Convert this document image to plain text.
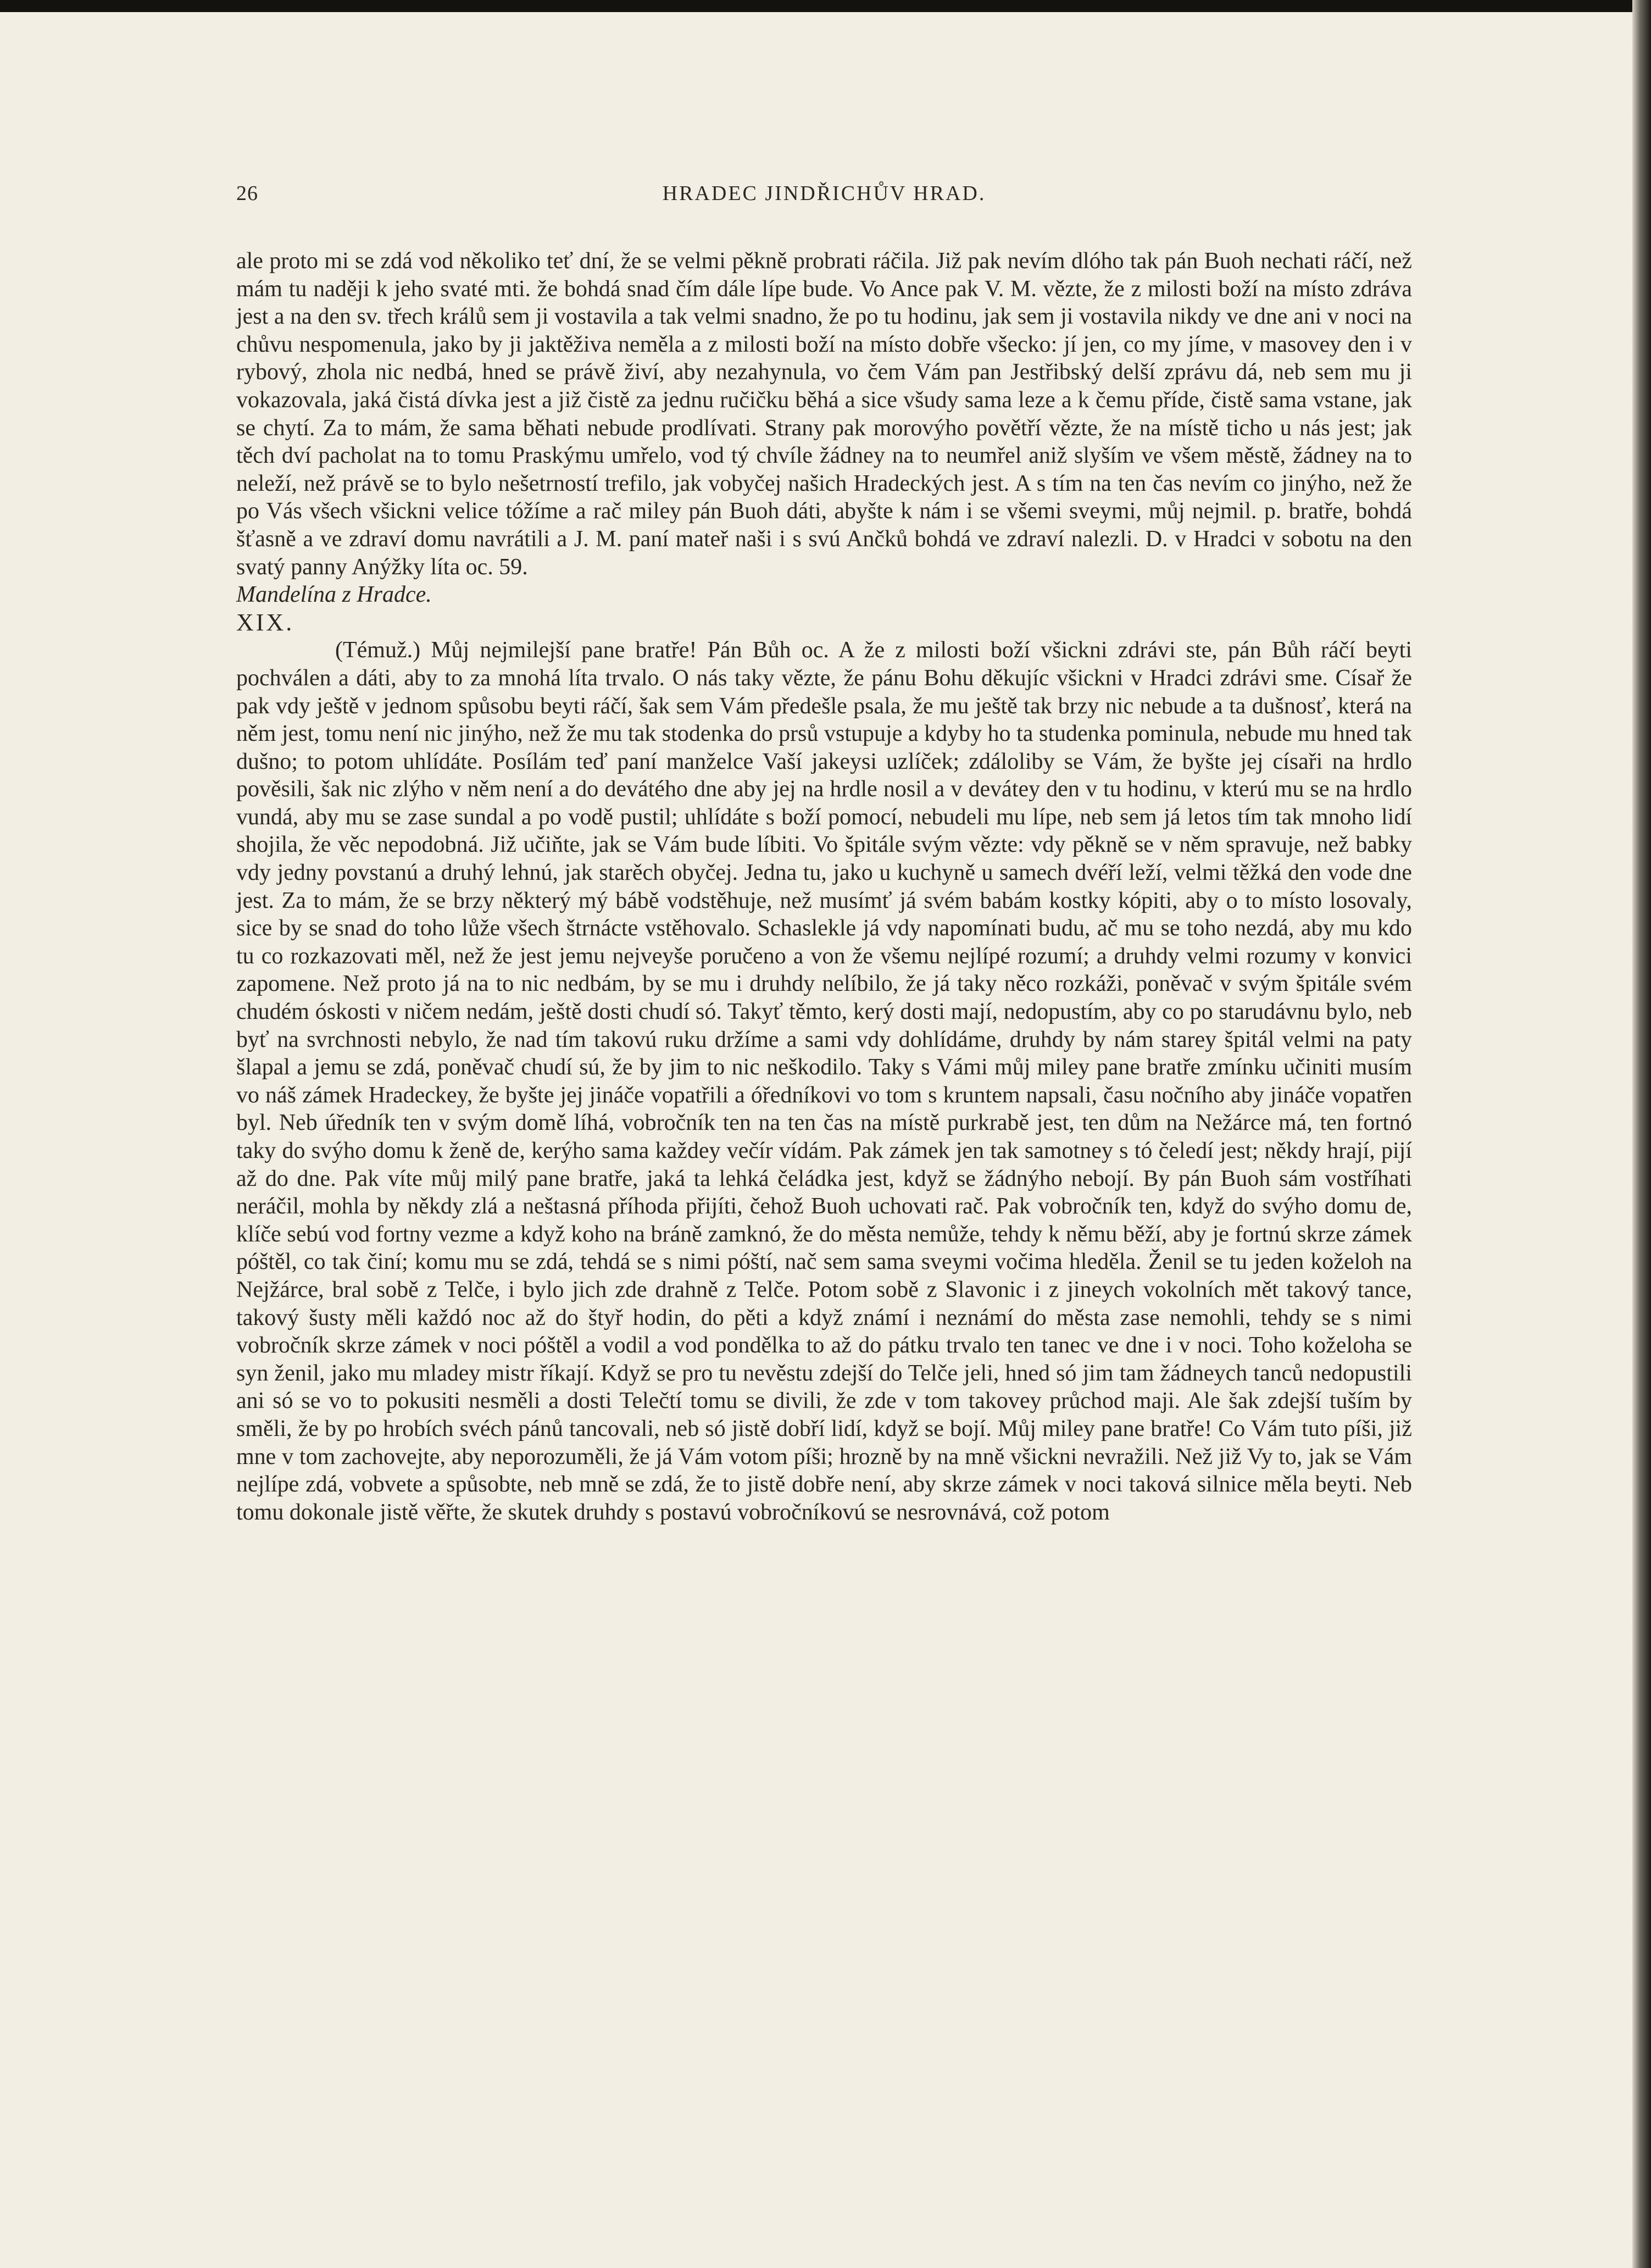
26	HRADEC JINDŘICHŮV HRAD.

ale proto mi se zdá vod několiko teť dní, že se velmi pěkně probrati ráčila. Již pak nevím dlóho tak pán Buoh nechati ráčí, než mám tu naději k jeho svaté mti. že bohdá snad čím dále lípe bude. Vo Ance pak V. M. vězte, že z milosti boží na místo zdráva jest a na den sv. třech králů sem ji vostavila a tak velmi snadno, že po tu hodinu, jak sem ji vostavila nikdy ve dne ani v noci na chůvu nespomenula, jako by ji jaktěživa neměla a z milosti boží na místo dobře všecko: jí jen, co my jíme, v masovey den i v rybový, zhola nic nedbá, hned se právě živí, aby nezahynula, vo čem Vám pan Jestřibský delší zprávu dá, neb sem mu ji vokazovala, jaká čistá dívka jest a již čistě za jednu ručičku běhá a sice všudy sama leze a k čemu příde, čistě sama vstane, jak se chytí. Za to mám, že sama běhati nebude prodlívati. Strany pak morovýho povětří vězte, že na místě ticho u nás jest; jak těch dví pacholat na to tomu Praskýmu umřelo, vod tý chvíle žádney na to neumřel aniž slyším ve všem městě, žádney na to neleží, než právě se to bylo nešetrností trefilo, jak vobyčej našich Hradeckých jest. A s tím na ten čas nevím co jinýho, než že po Vás všech všickni velice tóžíme a rač miley pán Buoh dáti, abyšte k nám i se všemi sveymi, můj nejmil. p. bratře, bohdá šťasně a ve zdraví domu navrátili a J. M. paní mateř naši i s svú Ančků bohdá ve zdraví nalezli. D. v Hradci v sobotu na den svatý panny Anýžky líta oc. 59.

Mandelína z Hradce.

XIX.

(Témuž.) Můj nejmilejší pane bratře! Pán Bůh oc. A že z milosti boží všickni zdrávi ste, pán Bůh ráčí beyti pochválen a dáti, aby to za mnohá líta trvalo. O nás taky vězte, že pánu Bohu děkujíc všickni v Hradci zdrávi sme. Císař že pak vdy ještě v jednom spůsobu beyti ráčí, šak sem Vám předešle psala, že mu ještě tak brzy nic nebude a ta dušnosť, která na něm jest, tomu není nic jinýho, než že mu tak stodenka do prsů vstupuje a kdyby ho ta studenka pominula, nebude mu hned tak dušno; to potom uhlídáte. Posílám teď paní manželce Vaší jakeysi uzlíček; zdáloliby se Vám, že byšte jej císaři na hrdlo pověsili, šak nic zlýho v něm není a do devátého dne aby jej na hrdle nosil a v devátey den v tu hodinu, v kterú mu se na hrdlo vundá, aby mu se zase sundal a po vodě pustil; uhlídáte s boží pomocí, nebudeli mu lípe, neb sem já letos tím tak mnoho lidí shojila, že věc nepodobná. Již učiňte, jak se Vám bude líbiti. Vo špitále svým vězte: vdy pěkně se v něm spravuje, než babky vdy jedny povstanú a druhý lehnú, jak starěch obyčej. Jedna tu, jako u kuchyně u samech dvéří leží, velmi těžká den vode dne jest. Za to mám, že se brzy některý mý bábě vodstěhuje, než musímť já svém babám kostky kópiti, aby o to místo losovaly, sice by se snad do toho lůže všech štrnácte vstěhovalo. Schaslekle já vdy napomínati budu, ač mu se toho nezdá, aby mu kdo tu co rozkazovati měl, než že jest jemu nejveyše poručeno a von že všemu nejlípé rozumí; a druhdy velmi rozumy v konvici zapomene. Než proto já na to nic nedbám, by se mu i druhdy nelíbilo, že já taky něco rozkáži, poněvač v svým špitále svém chudém óskosti v ničem nedám, ještě dosti chudí só. Takyť těmto, kerý dosti mají, nedopustím, aby co po starudávnu bylo, neb byť na svrchnosti nebylo, že nad tím takovú ruku držíme a sami vdy dohlídáme, druhdy by nám starey špitál velmi na paty šlapal a jemu se zdá, poněvač chudí sú, že by jim to nic neškodilo. Taky s Vámi můj miley pane bratře zmínku učiniti musím vo náš zámek Hradeckey, že byšte jej jináče vopatřili a óředníkovi vo tom s kruntem napsali, času nočního aby jináče vopatřen byl. Neb úředník ten v svým domě líhá, vobročník ten na ten čas na místě purkrabě jest, ten dům na Nežárce má, ten fortnó taky do svýho domu k ženě de, kerýho sama každey večír vídám. Pak zámek jen tak samotney s tó čeledí jest; někdy hrají, pijí až do dne. Pak víte můj milý pane bratře, jaká ta lehká čeládka jest, když se žádnýho nebojí. By pán Buoh sám vostříhati neráčil, mohla by někdy zlá a neštasná příhoda přijíti, čehož Buoh uchovati rač. Pak vobročník ten, když do svýho domu de, klíče sebú vod fortny vezme a když koho na bráně zamknó, že do města nemůže, tehdy k němu běží, aby je fortnú skrze zámek póštěl, co tak činí; komu mu se zdá, tehdá se s nimi póští, nač sem sama sveymi vočima hleděla. Ženil se tu jeden koželoh na Nejžárce, bral sobě z Telče, i bylo jich zde drahně z Telče. Potom sobě z Slavonic i z jineych vokolních mět takový tance, takový šusty měli každó noc až do štyř hodin, do pěti a když známí i neznámí do města zase nemohli, tehdy se s nimi vobročník skrze zámek v noci póštěl a vodil a vod pondělka to až do pátku trvalo ten tanec ve dne i v noci. Toho koželoha se syn ženil, jako mu mladey mistr říkají. Když se pro tu nevěstu zdejší do Telče jeli, hned só jim tam žádneych tanců nedopustili ani só se vo to pokusiti nesměli a dosti Telečtí tomu se divili, že zde v tom takovey průchod maji. Ale šak zdejší tuším by směli, že by po hrobích svéch pánů tancovali, neb só jistě dobří lidí, když se bojí. Můj miley pane bratře! Co Vám tuto píši, již mne v tom zachovejte, aby neporozuměli, že já Vám votom píši; hrozně by na mně všickni nevražili. Než již Vy to, jak se Vám nejlípe zdá, vobvete a spůsobte, neb mně se zdá, že to jistě dobře není, aby skrze zámek v noci taková silnice měla beyti. Neb tomu dokonale jistě věřte, že skutek druhdy s postavú vobročníkovú se nesrovnává, což potom
